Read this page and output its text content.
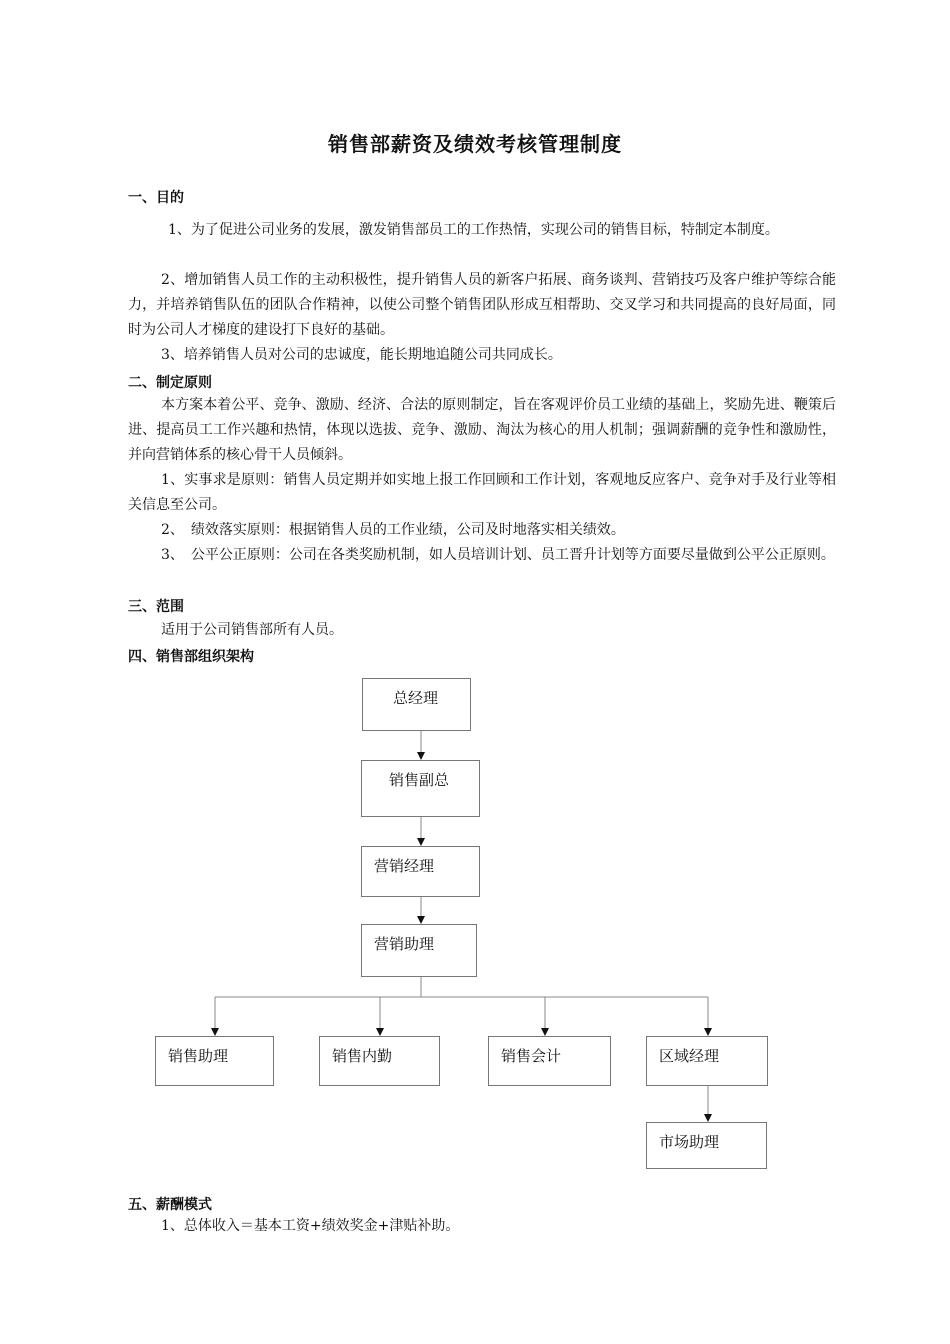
销售部薪资及绩效考核管理制度
一、目的
1、为了促进公司业务的发展，激发销售部员工的工作热情，实现公司的销售目标，特制定本制度。
2、增加销售人员工作的主动积极性，提升销售人员的新客户拓展、商务谈判、营销技巧及客户维护等综合能力，并培养销售队伍的团队合作精神，以使公司整个销售团队形成互相帮助、交叉学习和共同提高的良好局面，同时为公司人才梯度的建设打下良好的基础。
3、培养销售人员对公司的忠诚度，能长期地追随公司共同成长。
二、制定原则
本方案本着公平、竞争、激励、经济、合法的原则制定，旨在客观评价员工业绩的基础上，奖励先进、鞭策后进、提高员工工作兴趣和热情，体现以选拔、竞争、激励、淘汰为核心的用人机制；强调薪酬的竞争性和激励性，并向营销体系的核心骨干人员倾斜。
1、实事求是原则：销售人员定期并如实地上报工作回顾和工作计划，客观地反应客户、竞争对手及行业等相关信息至公司。
2、　绩效落实原则：根据销售人员的工作业绩，公司及时地落实相关绩效。
3、　公平公正原则：公司在各类奖励机制，如人员培训计划、员工晋升计划等方面要尽量做到公平公正原则。
三、范围
适用于公司销售部所有人员。
四、销售部组织架构
总经理
销售副总
营销经理
营销助理
销售助理	销售内勤	销售会计	区域经理
市场助理
五、薪酬模式
1、总体收入＝基本工资+绩效奖金+津贴补助。
